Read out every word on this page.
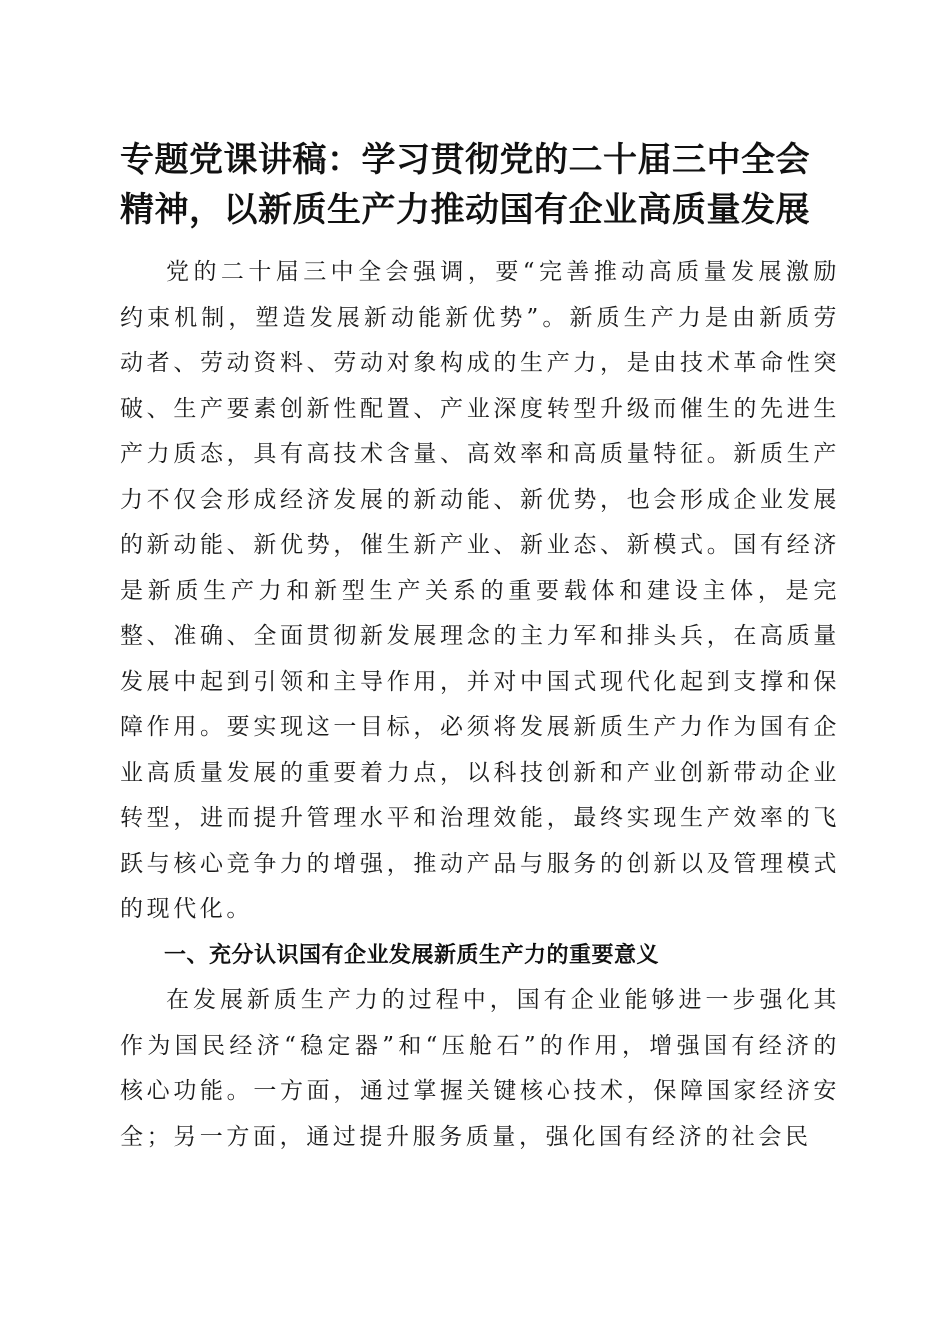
专题党课讲稿：学习贯彻党的二十届三中全会
精神，以新质生产力推动国有企业高质量发展

党的二十届三中全会强调，要“完善推动高质量发展激励约束机制，塑造发展新动能新优势”。新质生产力是由新质劳动者、劳动资料、劳动对象构成的生产力，是由技术革命性突破、生产要素创新性配置、产业深度转型升级而催生的先进生产力质态，具有高技术含量、高效率和高质量特征。新质生产力不仅会形成经济发展的新动能、新优势，也会形成企业发展的新动能、新优势，催生新产业、新业态、新模式。国有经济是新质生产力和新型生产关系的重要载体和建设主体，是完整、准确、全面贯彻新发展理念的主力军和排头兵，在高质量发展中起到引领和主导作用，并对中国式现代化起到支撑和保障作用。要实现这一目标，必须将发展新质生产力作为国有企业高质量发展的重要着力点，以科技创新和产业创新带动企业转型，进而提升管理水平和治理效能，最终实现生产效率的飞跃与核心竞争力的增强，推动产品与服务的创新以及管理模式的现代化。

一、充分认识国有企业发展新质生产力的重要意义

在发展新质生产力的过程中，国有企业能够进一步强化其作为国民经济“稳定器”和“压舱石”的作用，增强国有经济的核心功能。一方面，通过掌握关键核心技术，保障国家经济安全；另一方面，通过提升服务质量，强化国有经济的社会民
